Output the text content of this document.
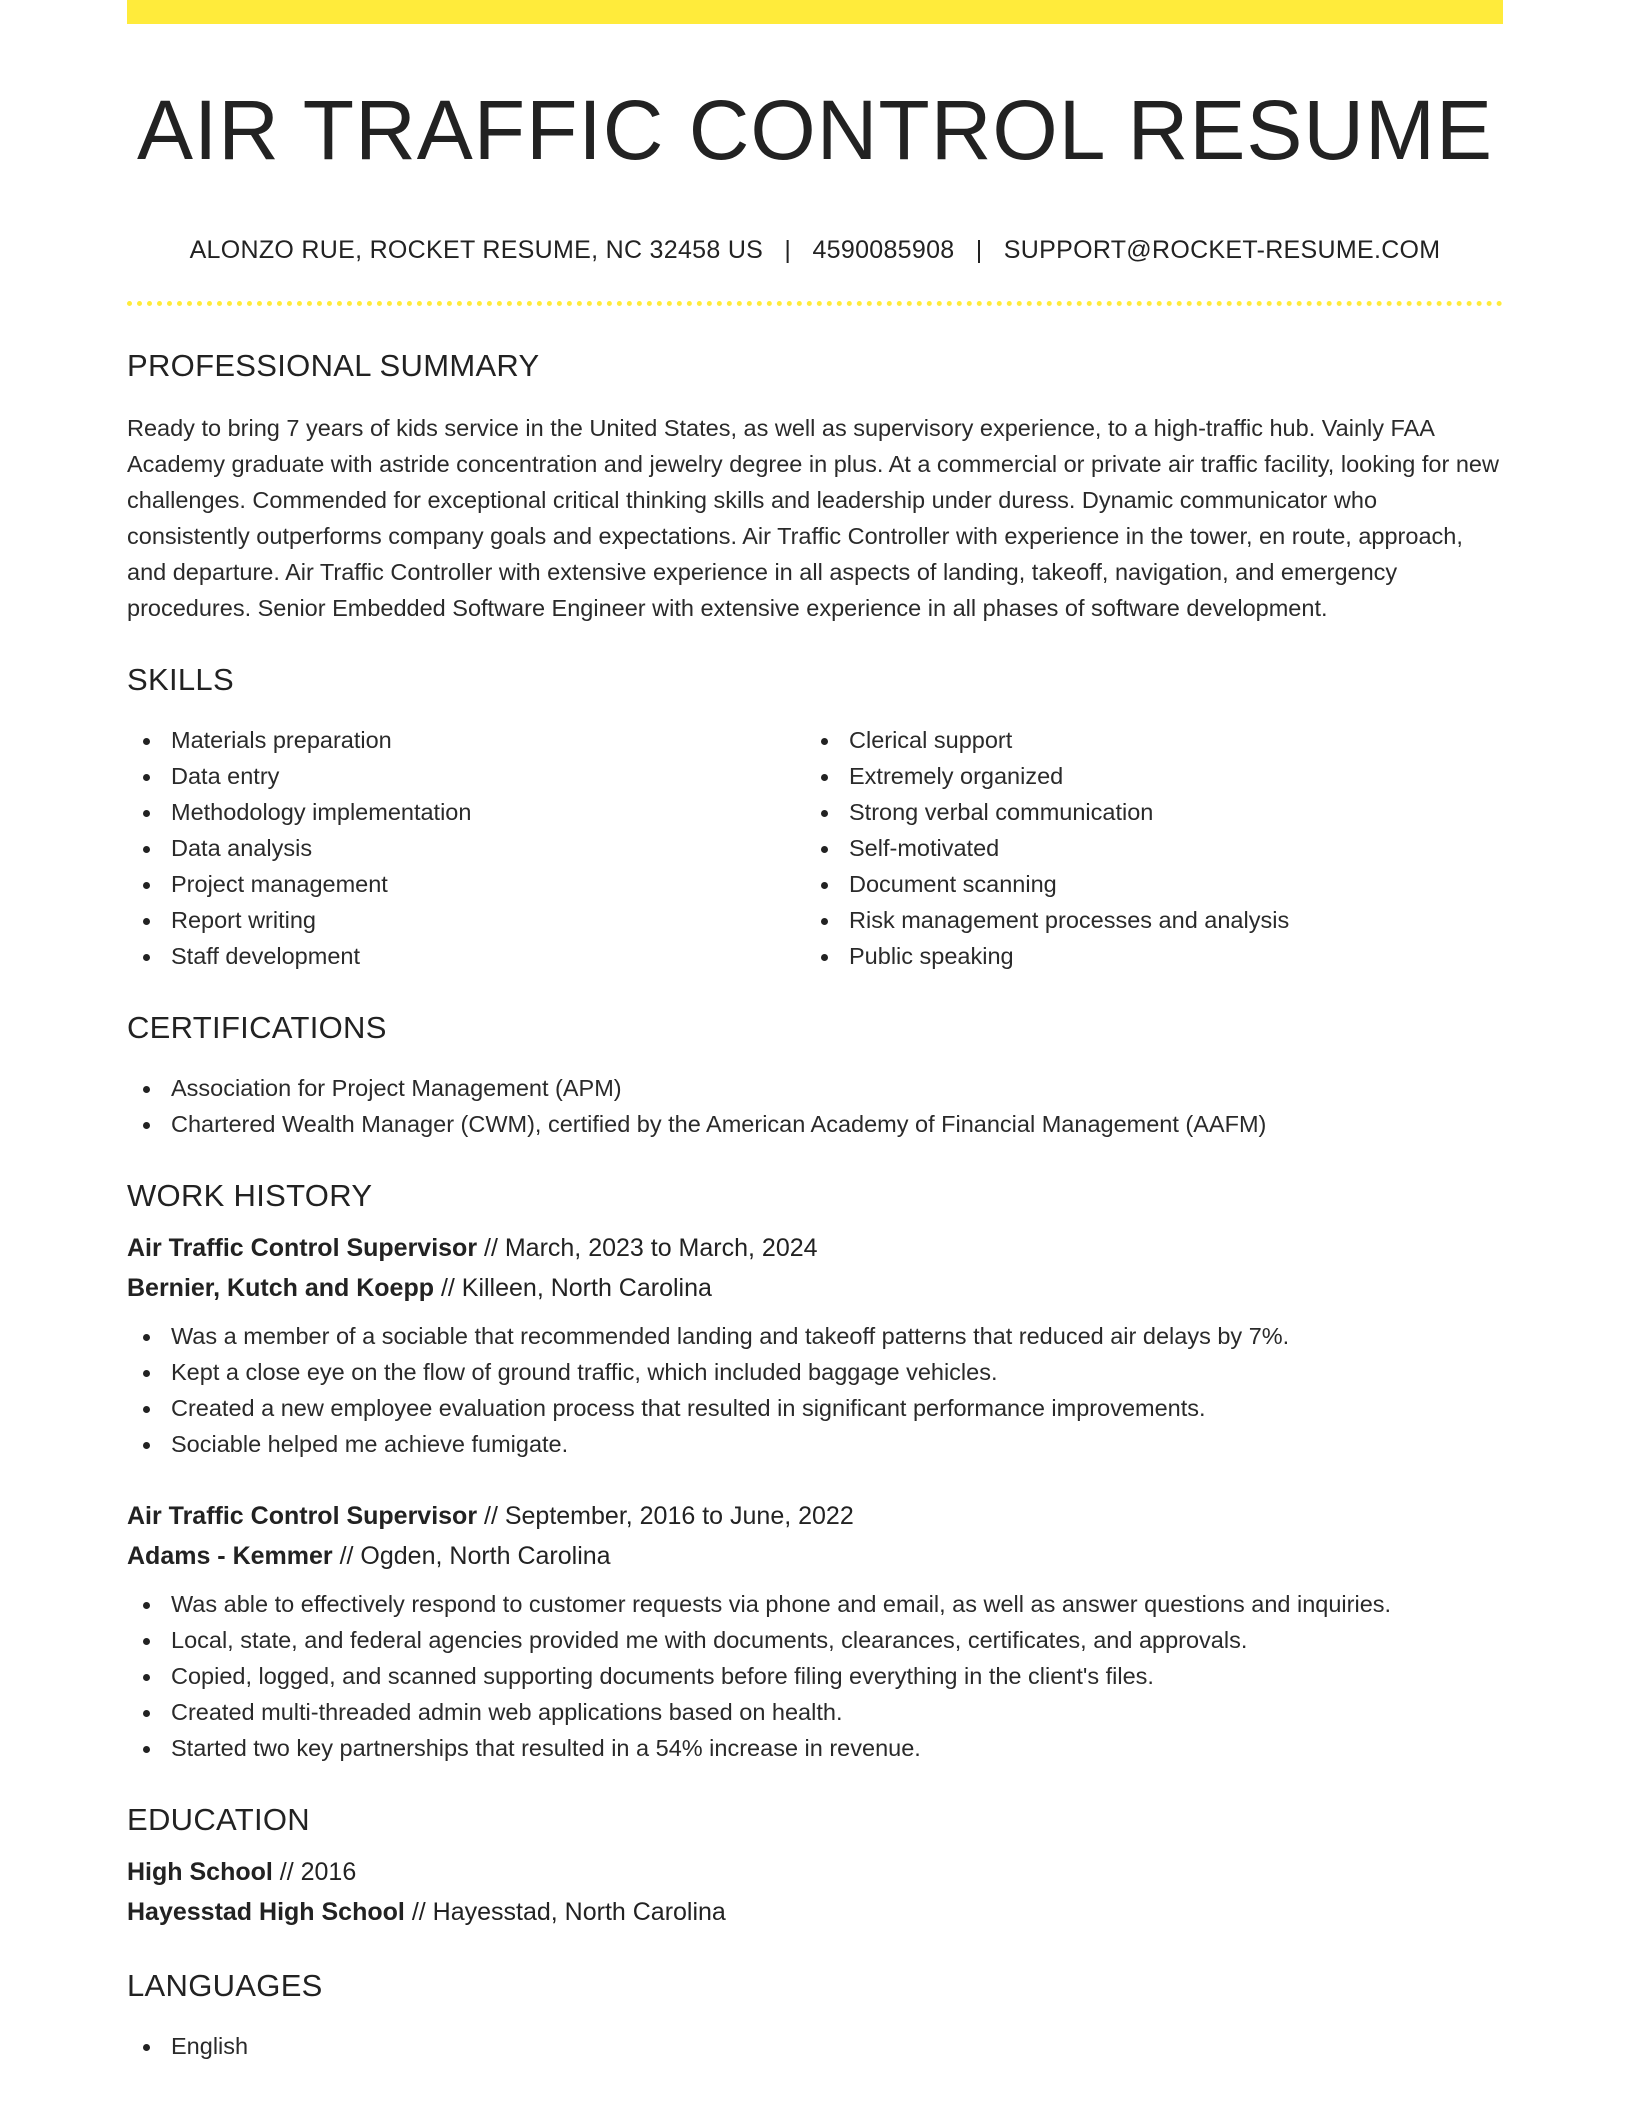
AIR TRAFFIC CONTROL RESUME
ALONZO RUE, ROCKET RESUME, NC 32458 US | 4590085908 | SUPPORT@ROCKET-RESUME.COM
PROFESSIONAL SUMMARY

Ready to bring 7 years of kids service in the United States, as well as supervisory experience, to a high-traffic hub. Vainly FAA Academy graduate with astride concentration and jewelry degree in plus. At a commercial or private air traffic facility, looking for new challenges. Commended for exceptional critical thinking skills and leadership under duress. Dynamic communicator who consistently outperforms company goals and expectations. Air Traffic Controller with experience in the tower, en route, approach, and departure. Air Traffic Controller with extensive experience in all aspects of landing, takeoff, navigation, and emergency procedures. Senior Embedded Software Engineer with extensive experience in all phases of software development.

SKILLS
Materials preparation
Data entry
Methodology implementation
Data analysis
Project management
Report writing
Staff development
Clerical support
Extremely organized
Strong verbal communication
Self-motivated
Document scanning
Risk management processes and analysis
Public speaking
CERTIFICATIONS
Association for Project Management (APM)
Chartered Wealth Manager (CWM), certified by the American Academy of Financial Management (AAFM)
WORK HISTORY
Air Traffic Control Supervisor // March, 2023 to March, 2024
Bernier, Kutch and Koepp // Killeen, North Carolina
Was a member of a sociable that recommended landing and takeoff patterns that reduced air delays by 7%.
Kept a close eye on the flow of ground traffic, which included baggage vehicles.
Created a new employee evaluation process that resulted in significant performance improvements.
Sociable helped me achieve fumigate.
Air Traffic Control Supervisor // September, 2016 to June, 2022
Adams - Kemmer // Ogden, North Carolina
Was able to effectively respond to customer requests via phone and email, as well as answer questions and inquiries.
Local, state, and federal agencies provided me with documents, clearances, certificates, and approvals.
Copied, logged, and scanned supporting documents before filing everything in the client's files.
Created multi-threaded admin web applications based on health.
Started two key partnerships that resulted in a 54% increase in revenue.
EDUCATION
High School // 2016
Hayesstad High School // Hayesstad, North Carolina
LANGUAGES
English
